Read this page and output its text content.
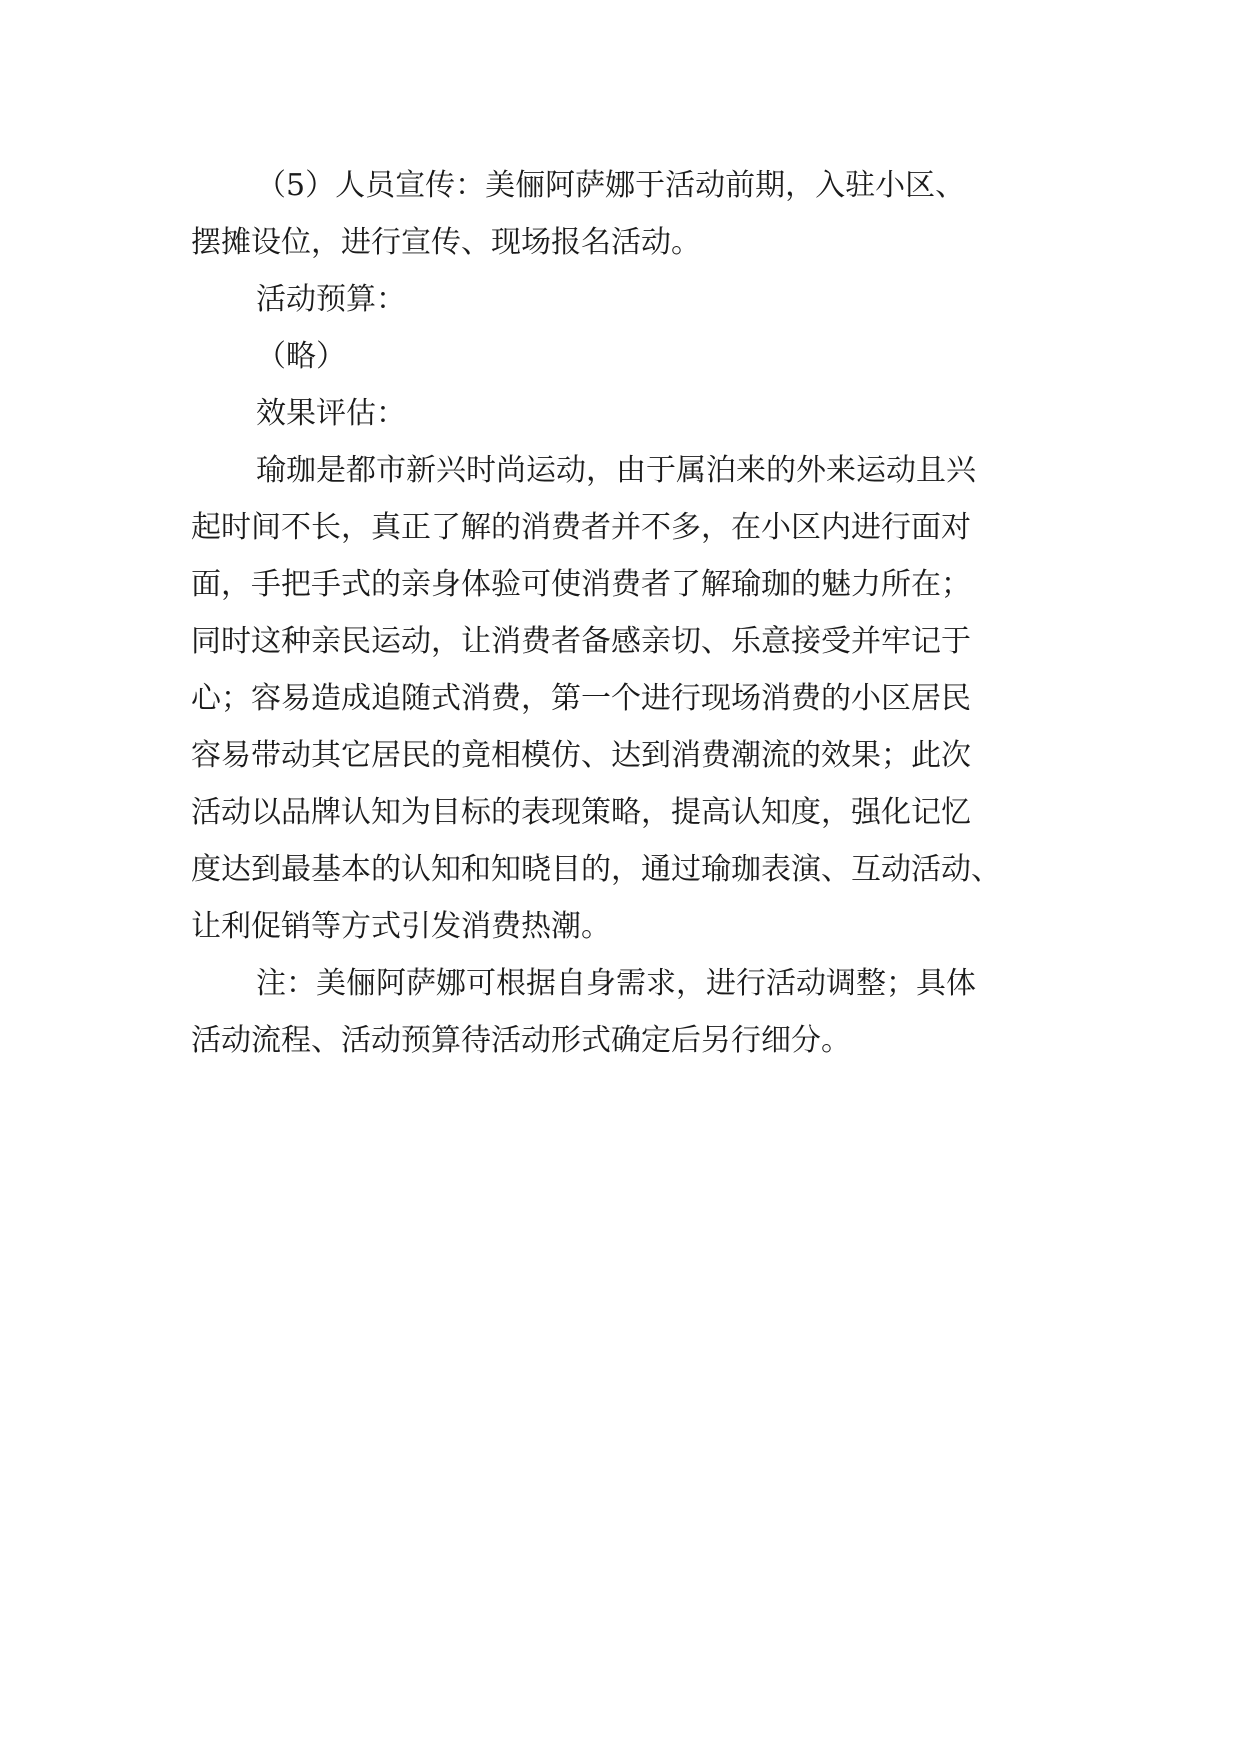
（5）人员宣传：美俪阿萨娜于活动前期，入驻小区、
摆摊设位，进行宣传、现场报名活动。
活动预算：
（略）
效果评估：
瑜珈是都市新兴时尚运动，由于属泊来的外来运动且兴
起时间不长，真正了解的消费者并不多，在小区内进行面对
面，手把手式的亲身体验可使消费者了解瑜珈的魅力所在；
同时这种亲民运动，让消费者备感亲切、乐意接受并牢记于
心；容易造成追随式消费，第一个进行现场消费的小区居民
容易带动其它居民的竟相模仿、达到消费潮流的效果；此次
活动以品牌认知为目标的表现策略，提高认知度，强化记忆
度达到最基本的认知和知晓目的，通过瑜珈表演、互动活动、
让利促销等方式引发消费热潮。
注：美俪阿萨娜可根据自身需求，进行活动调整；具体
活动流程、活动预算待活动形式确定后另行细分。
